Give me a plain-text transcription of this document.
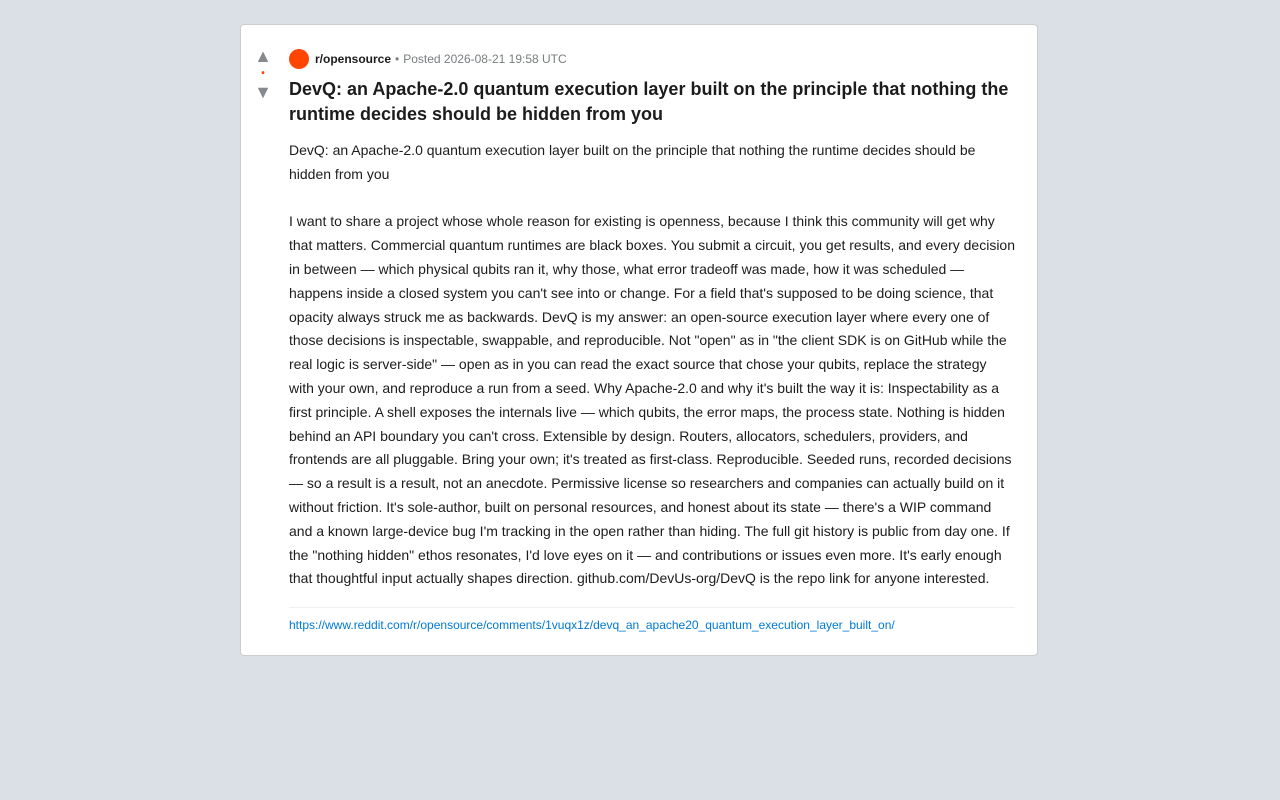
▲
•
▼
r/opensource • Posted 2026-08-21 19:58 UTC
DevQ: an Apache-2.0 quantum execution layer built on the principle that nothing the runtime decides should be hidden from you

DevQ: an Apache-2.0 quantum execution layer built on the principle that nothing the runtime decides should be hidden from you

I want to share a project whose whole reason for existing is openness, because I think this community will get why that matters. Commercial quantum runtimes are black boxes. You submit a circuit, you get results, and every decision in between — which physical qubits ran it, why those, what error tradeoff was made, how it was scheduled — happens inside a closed system you can't see into or change. For a field that's supposed to be doing science, that opacity always struck me as backwards. DevQ is my answer: an open-source execution layer where every one of those decisions is inspectable, swappable, and reproducible. Not "open" as in "the client SDK is on GitHub while the real logic is server-side" — open as in you can read the exact source that chose your qubits, replace the strategy with your own, and reproduce a run from a seed. Why Apache-2.0 and why it's built the way it is: Inspectability as a first principle. A shell exposes the internals live — which qubits, the error maps, the process state. Nothing is hidden behind an API boundary you can't cross. Extensible by design. Routers, allocators, schedulers, providers, and frontends are all pluggable. Bring your own; it's treated as first-class. Reproducible. Seeded runs, recorded decisions — so a result is a result, not an anecdote. Permissive license so researchers and companies can actually build on it without friction. It's sole-author, built on personal resources, and honest about its state — there's a WIP command and a known large-device bug I'm tracking in the open rather than hiding. The full git history is public from day one. If the "nothing hidden" ethos resonates, I'd love eyes on it — and contributions or issues even more. It's early enough that thoughtful input actually shapes direction. github.com/DevUs-org/DevQ is the repo link for anyone interested.

https://www.reddit.com/r/opensource/comments/1vuqx1z/devq_an_apache20_quantum_execution_layer_built_on/
